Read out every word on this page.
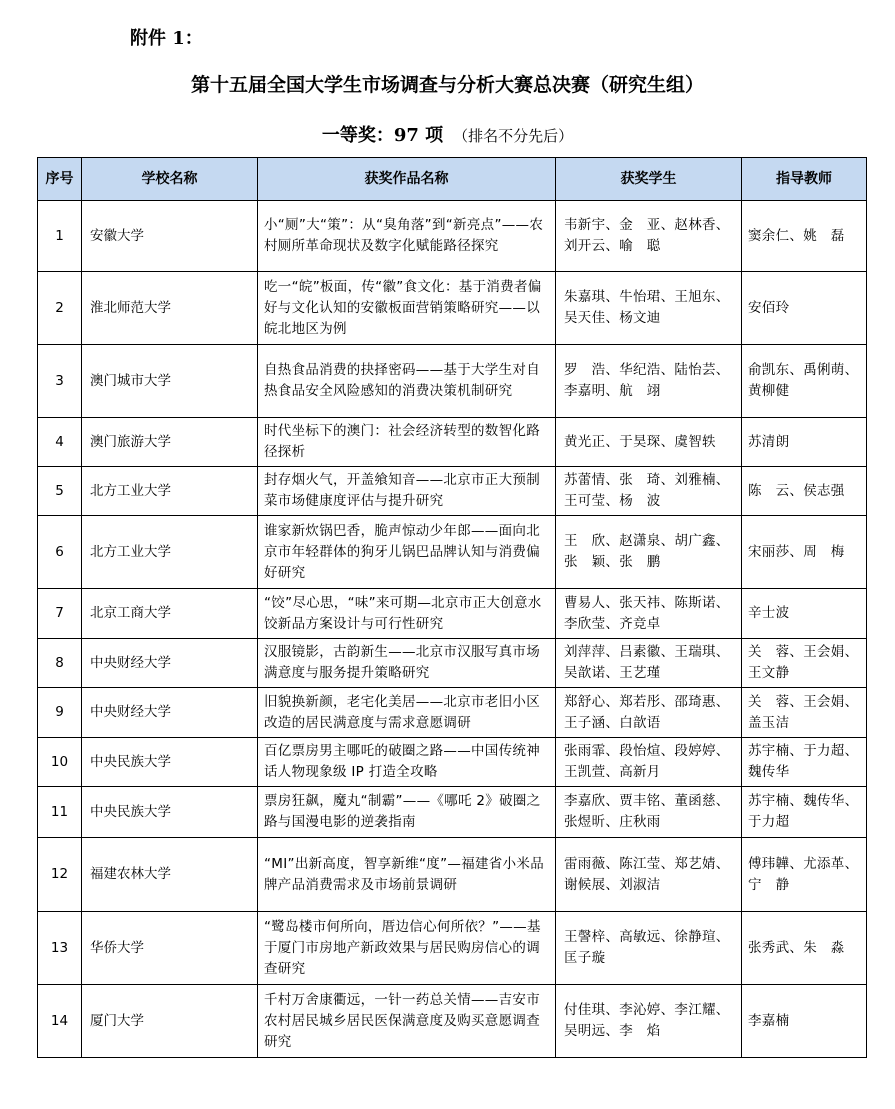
附件 1：
第十五届全国大学生市场调查与分析大赛总决赛（研究生组）
一等奖：97 项 （排名不分先后）
序号	学校名称	获奖作品名称	获奖学生	指导教师
1	安徽大学	小“厕”大“策”：从“臭角落”到“新亮点”——农村厕所革命现状及数字化赋能路径探究	韦新宇、金　亚、赵林香、刘开云、喻　聪	窦余仁、姚　磊
2	淮北师范大学	吃一“皖”板面，传“徽”食文化：基于消费者偏好与文化认知的安徽板面营销策略研究——以皖北地区为例	朱嘉琪、牛怡珺、王旭东、吴天佳、杨文迪	安佰玲
3	澳门城市大学	自热食品消费的抉择密码——基于大学生对自热食品安全风险感知的消费决策机制研究	罗　浩、华纪浩、陆怡芸、李嘉明、航　翊	俞凯东、禹俐萌、黄柳健
4	澳门旅游大学	时代坐标下的澳门：社会经济转型的数智化路径探析	黄光正、于昊琛、虞智轶	苏清朗
5	北方工业大学	封存烟火气，开盖飨知音——北京市正大预制菜市场健康度评估与提升研究	苏蕾情、张　琦、刘雅楠、王可莹、杨　波	陈　云、侯志强
6	北方工业大学	谁家新炊锅巴香，脆声惊动少年郎——面向北京市年轻群体的狗牙儿锅巴品牌认知与消费偏好研究	王　欣、赵潇泉、胡广鑫、张　颖、张　鹏	宋丽莎、周　梅
7	北京工商大学	“饺”尽心思，“味”来可期—北京市正大创意水饺新品方案设计与可行性研究	曹易人、张天祎、陈斯诺、李欣莹、齐竞卓	辛士波
8	中央财经大学	汉服镜影，古韵新生——北京市汉服写真市场满意度与服务提升策略研究	刘萍萍、吕素徽、王瑞琪、吴歆诺、王艺瑾	关　蓉、王会娟、王文静
9	中央财经大学	旧貌换新颜，老宅化美居——北京市老旧小区改造的居民满意度与需求意愿调研	郑舒心、郑若彤、邵琦惠、王子涵、白歆语	关　蓉、王会娟、盖玉洁
10	中央民族大学	百亿票房男主哪吒的破圈之路——中国传统神话人物现象级 IP 打造全攻略	张雨霏、段怡煊、段婷婷、王凯萱、高新月	苏宇楠、于力超、魏传华
11	中央民族大学	票房狂飙，魔丸“制霸”——《哪吒 2》破圈之路与国漫电影的逆袭指南	李嘉欣、贾丰铭、董函慈、张煜昕、庄秋雨	苏宇楠、魏传华、于力超
12	福建农林大学	“MI”出新高度，智享新维“度”—福建省小米品牌产品消费需求及市场前景调研	雷雨薇、陈江莹、郑艺婧、谢候展、刘淑洁	傅玮韡、尤添革、宁　静
13	华侨大学	“鹭岛楼市何所向，厝边信心何所依？”——基于厦门市房地产新政效果与居民购房信心的调查研究	王謦梓、高敏远、徐静瑄、匡子璇	张秀武、朱　淼
14	厦门大学	千村万舍康衢远，一针一药总关情——吉安市农村居民城乡居民医保满意度及购买意愿调查研究	付佳琪、李沁婷、李江耀、吴明远、李　焰	李嘉楠
